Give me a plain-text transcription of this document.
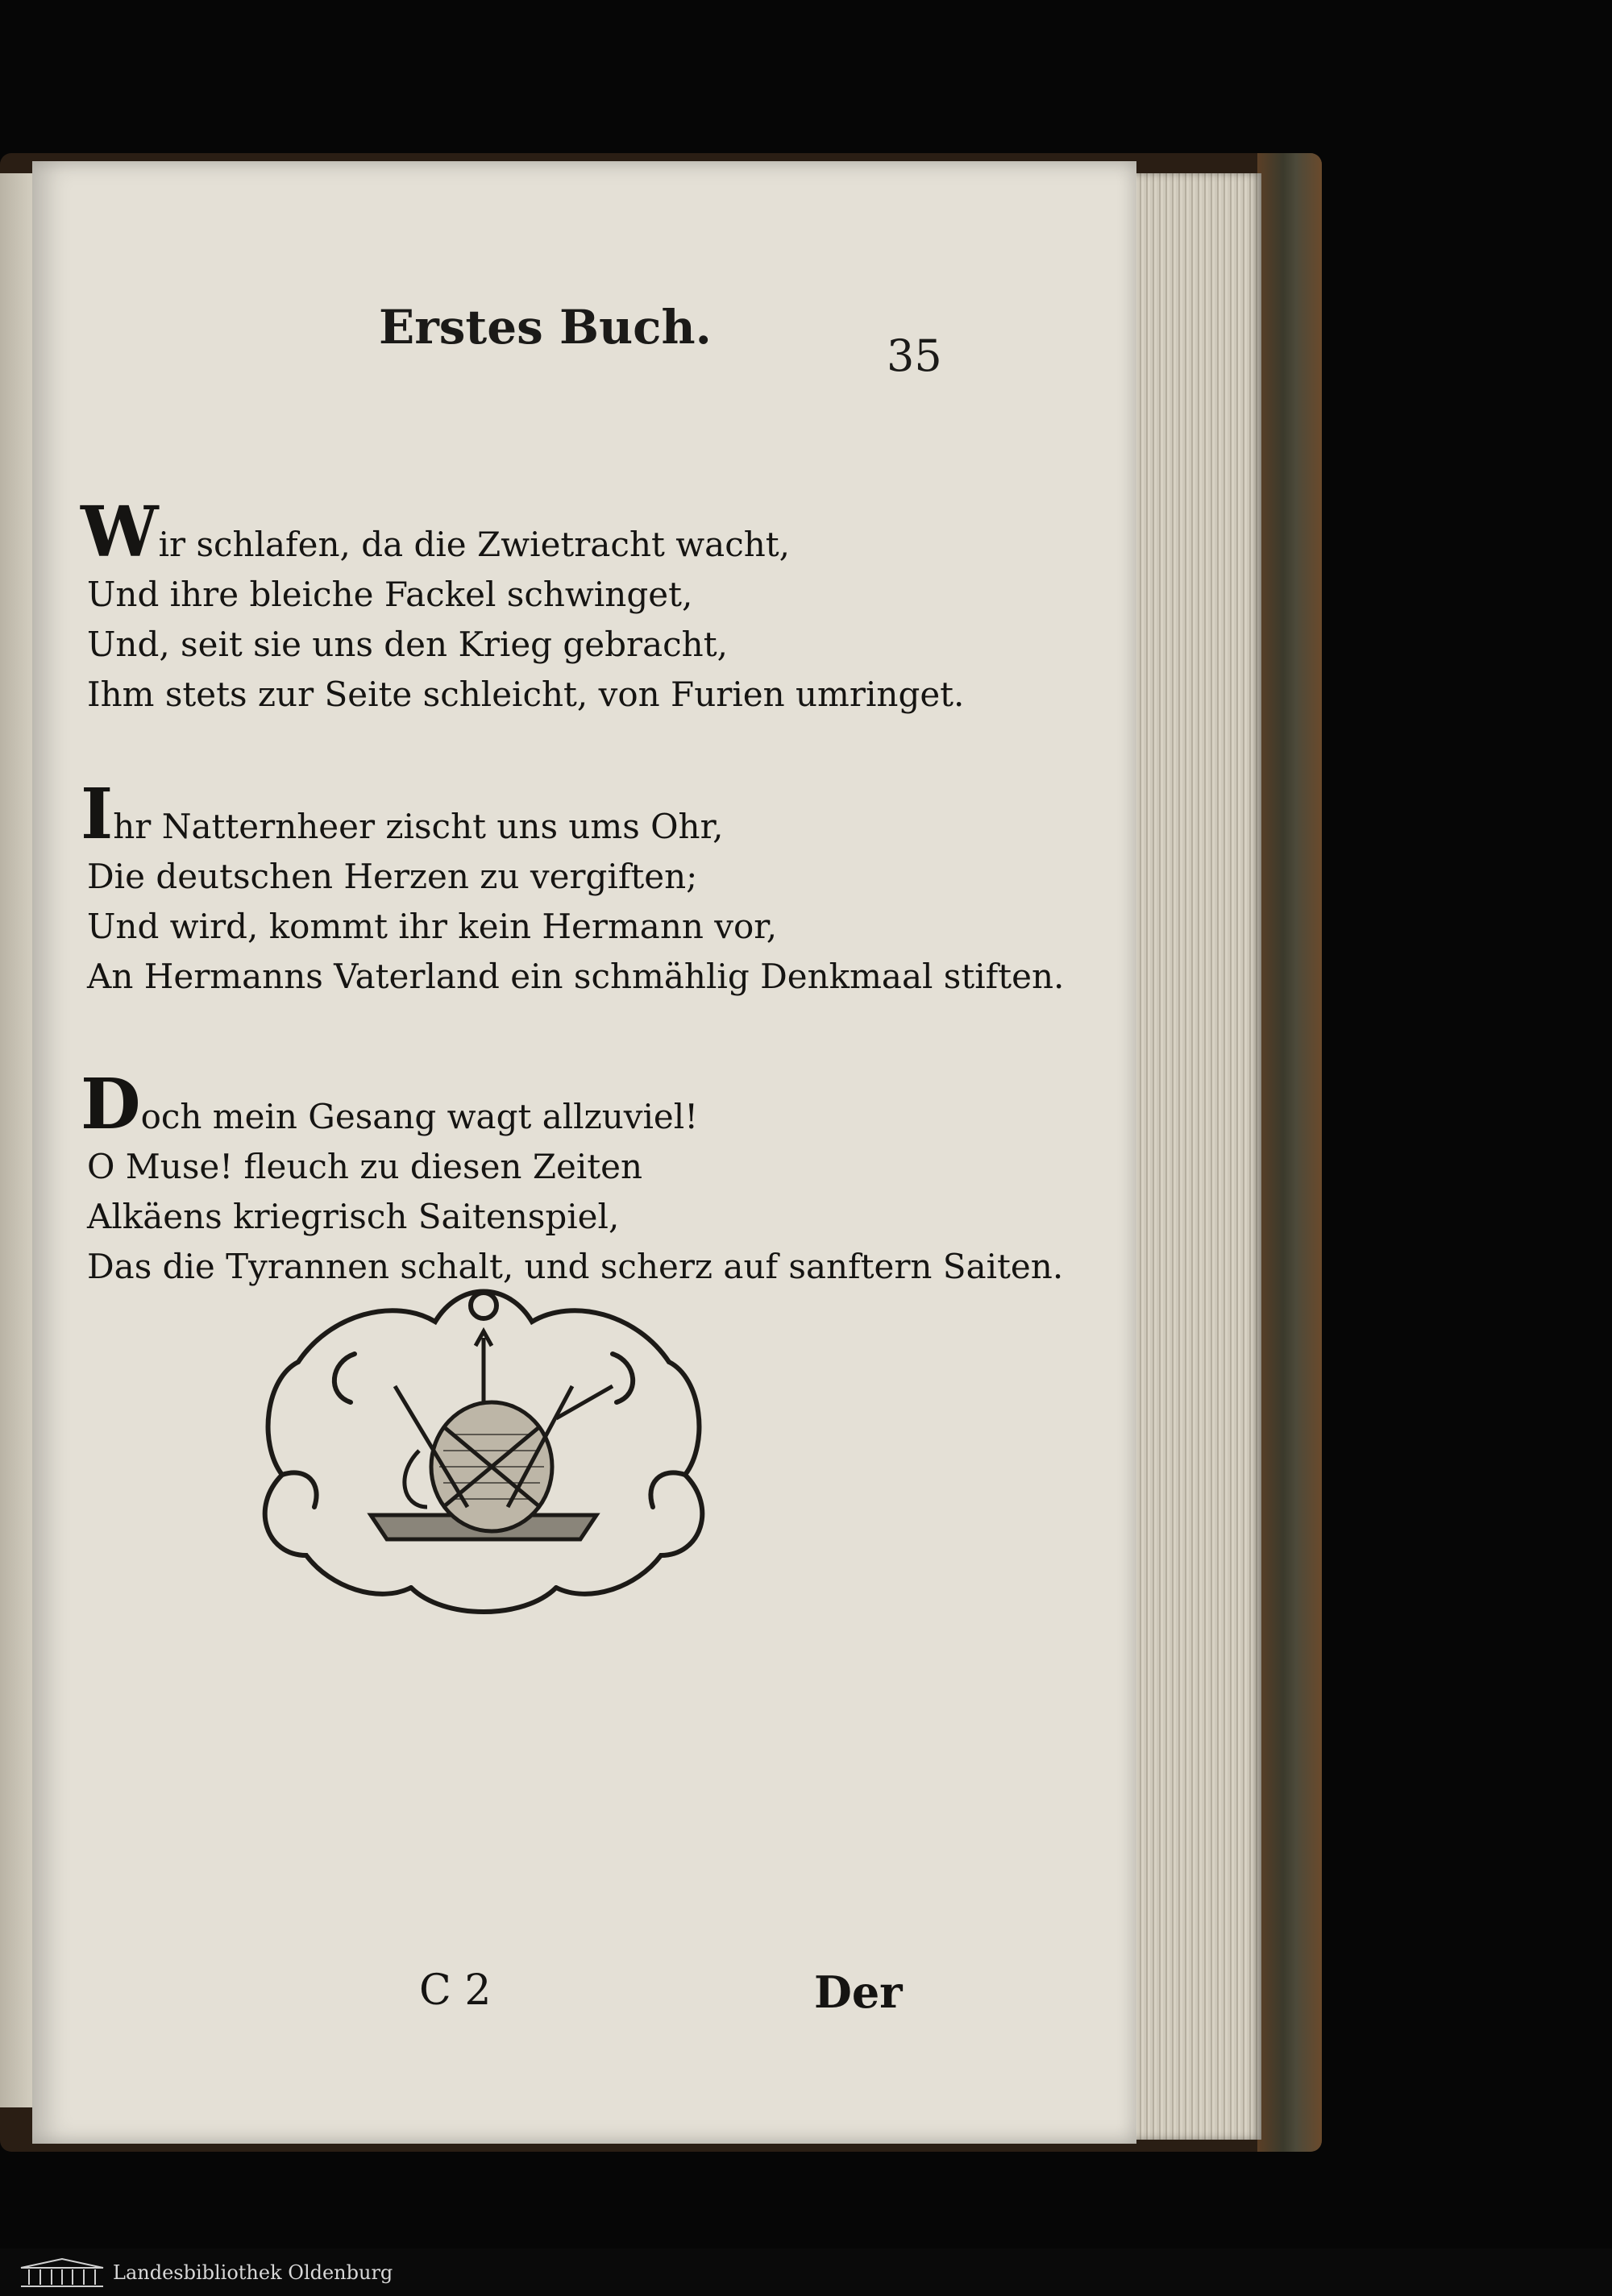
Erstes Buch.
35
Wir schlafen, da die Zwietracht wacht,
Und ihre bleiche Fackel schwinget,
Und, seit sie uns den Krieg gebracht,
Ihm stets zur Seite schleicht, von Furien umringet.
Ihr Natternheer zischt uns ums Ohr,
Die deutschen Herzen zu vergiften;
Und wird, kommt ihr kein Hermann vor,
An Hermanns Vaterland ein schmählig Denkmaal stiften.
Doch mein Gesang wagt allzuviel!
O Muse! fleuch zu diesen Zeiten
Alkäens kriegrisch Saitenspiel,
Das die Tyrannen schalt, und scherz auf sanftern Saiten.
C 2	Der
Landesbibliothek Oldenburg
